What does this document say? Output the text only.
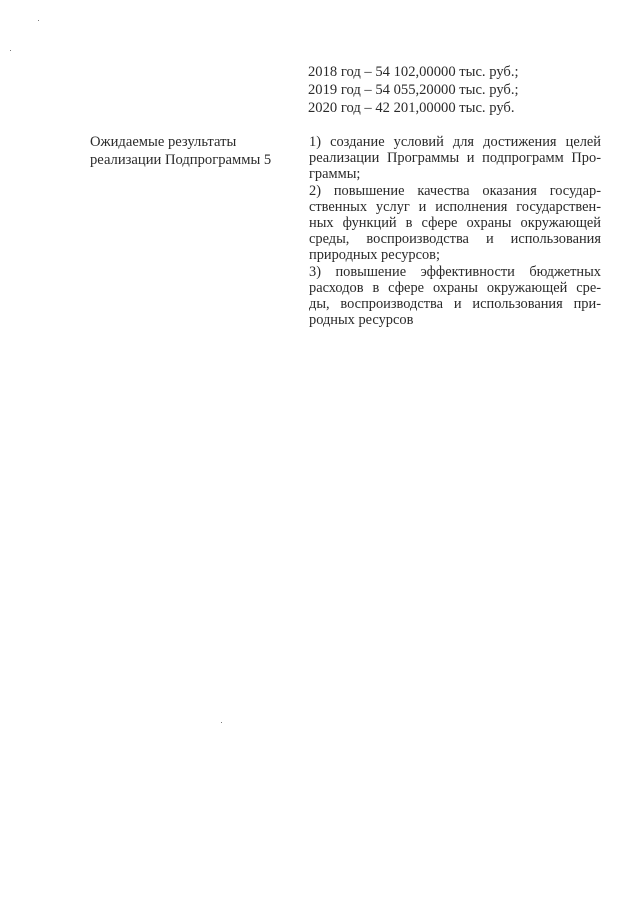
2018 год – 54 102,00000 тыс. руб.;
2019 год – 54 055,20000 тыс. руб.;
2020 год – 42 201,00000 тыс. руб.
Ожидаемые результаты
реализации Подпрограммы 5
1) создание условий для достижения целей
реализации Программы и подпрограмм Про-
граммы;
2) повышение качества оказания государ-
ственных услуг и исполнения государствен-
ных функций в сфере охраны окружающей
среды, воспроизводства и использования
природных ресурсов;
3) повышение эффективности бюджетных
расходов в сфере охраны окружающей сре-
ды, воспроизводства и использования при-
родных ресурсов
